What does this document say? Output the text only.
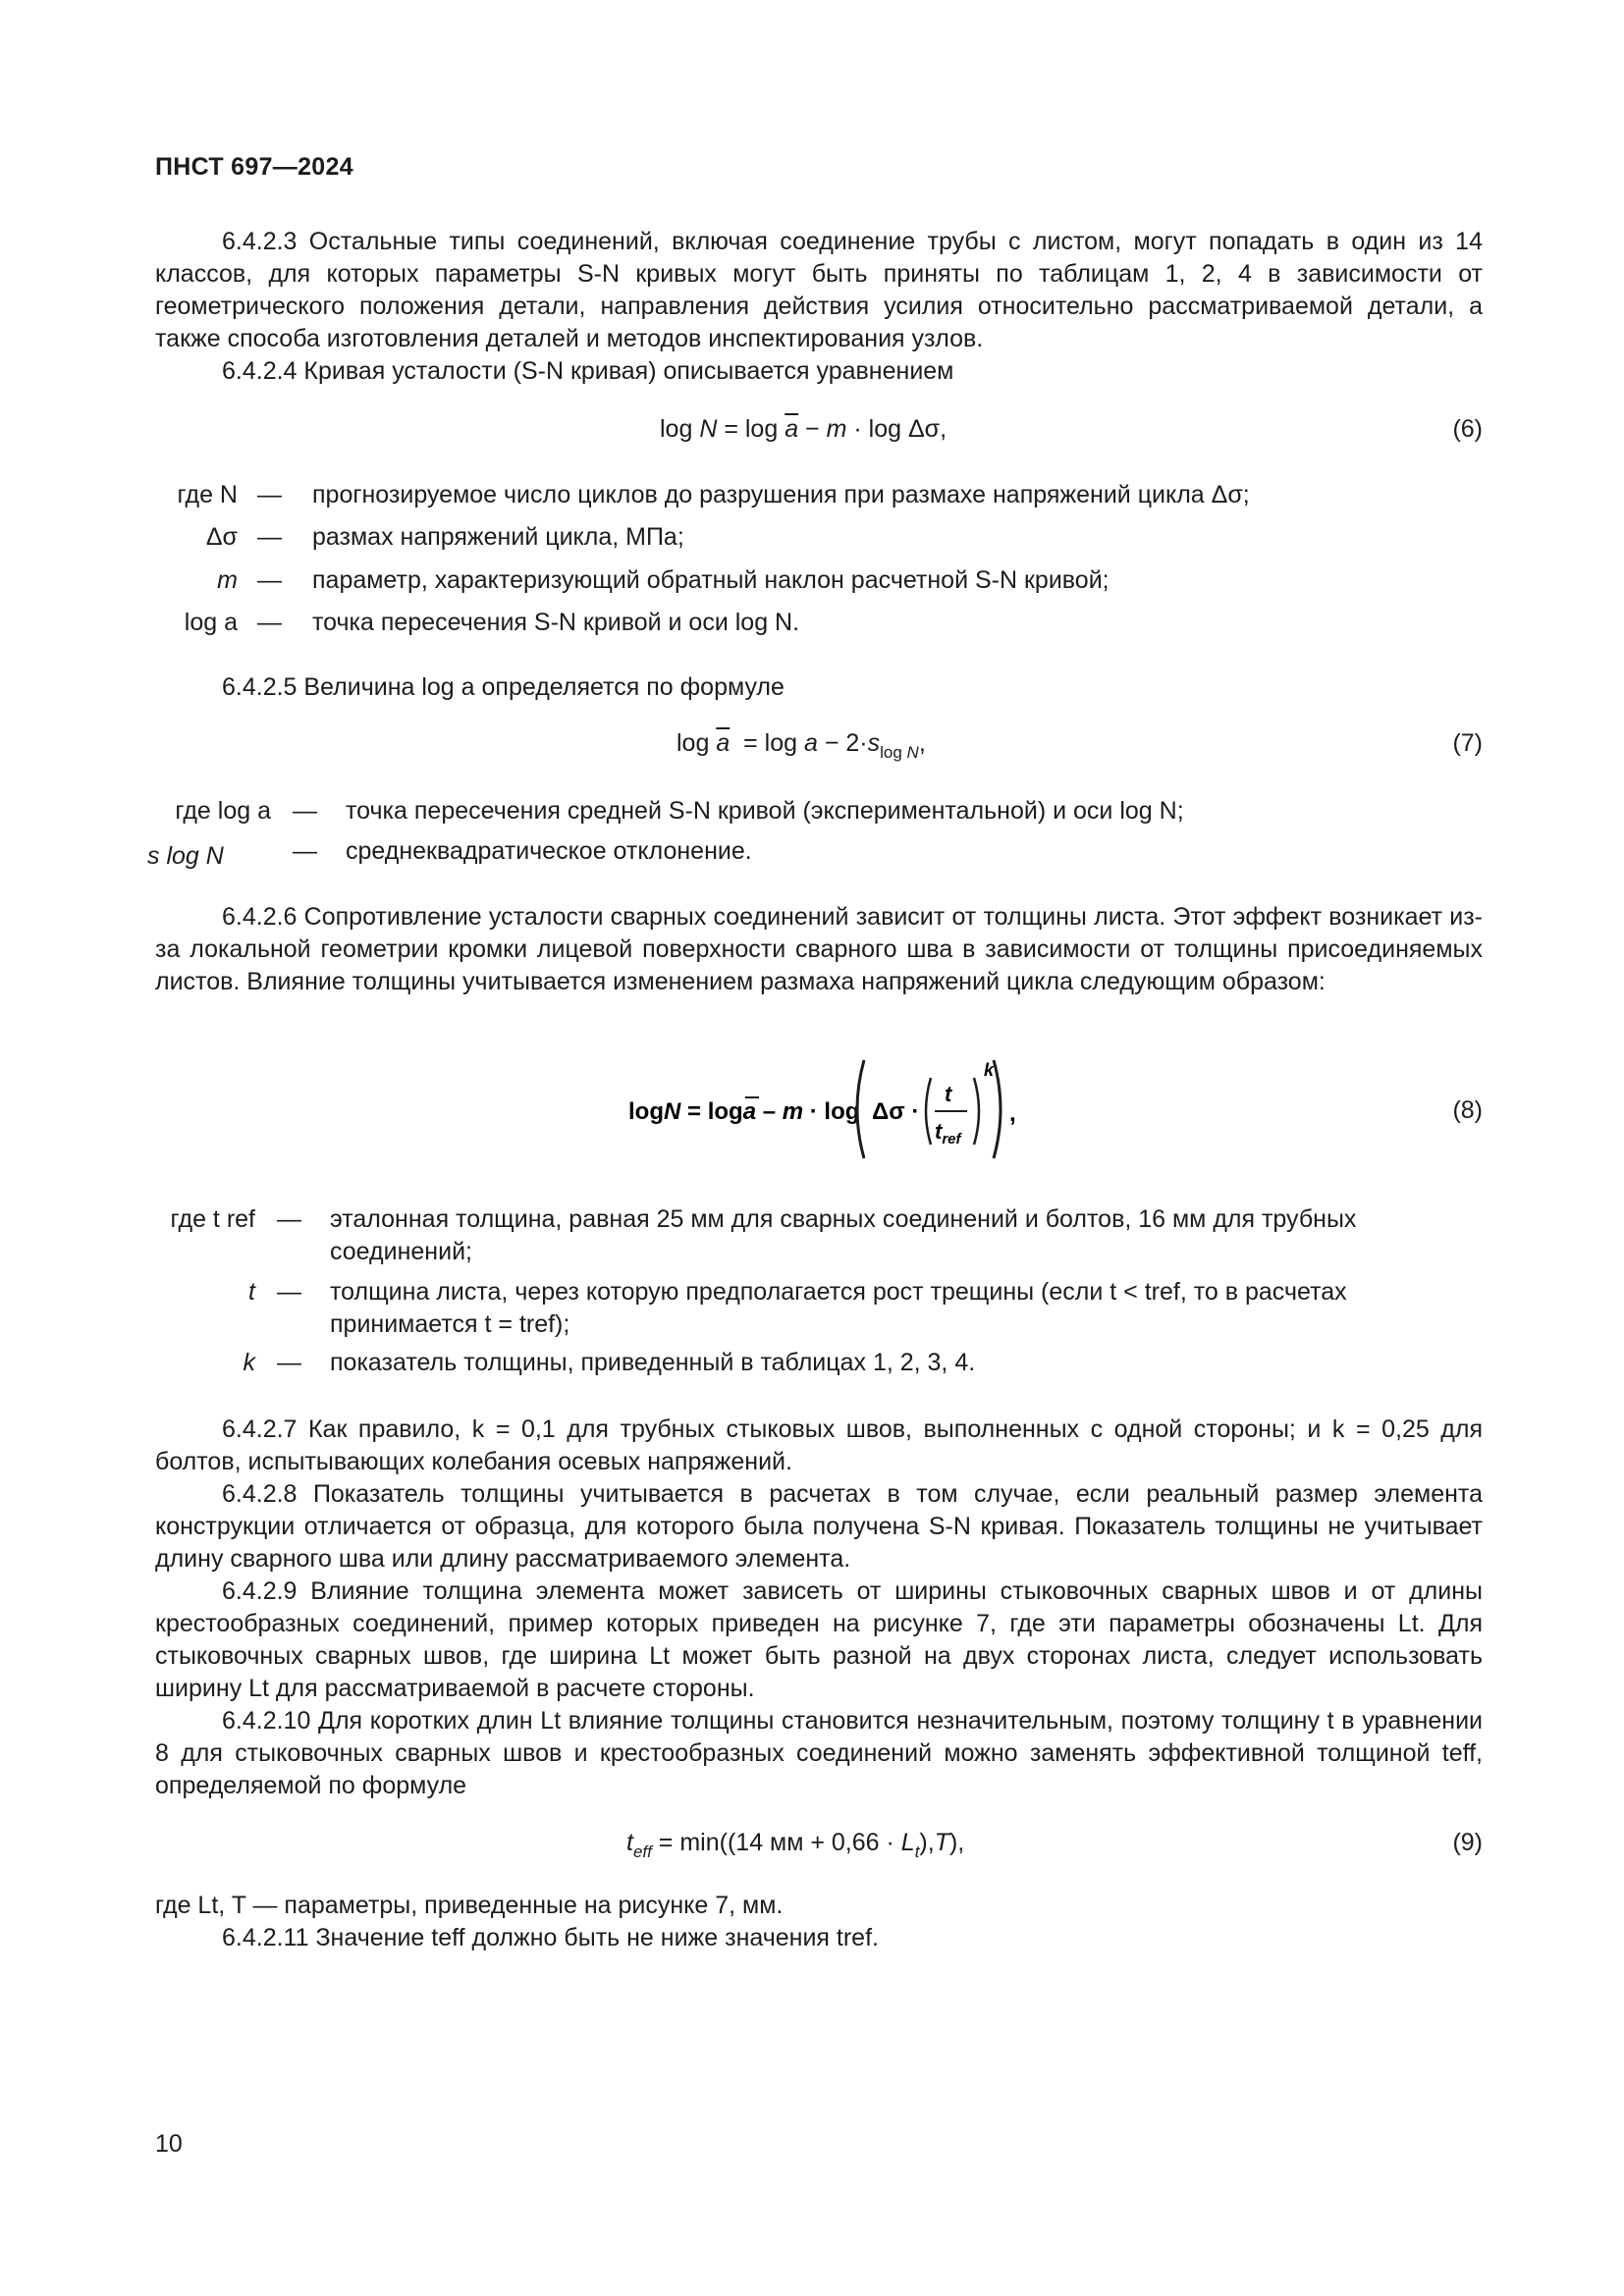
ПНСТ 697—2024
6.4.2.3 Остальные типы соединений, включая соединение трубы с листом, могут попадать в один из 14 классов, для которых параметры S-N кривых могут быть приняты по таблицам 1, 2, 4 в зависимости от геометрического положения детали, направления действия усилия относительно рассматриваемой детали, а также способа изготовления деталей и методов инспектирования узлов.
6.4.2.4 Кривая усталости (S-N кривая) описывается уравнением
$\log N = \log \overline{a} - m \cdot \log \Delta\sigma$,	(6)
где N — прогнозируемое число циклов до разрушения при размахе напряжений цикла Δσ;
Δσ — размах напряжений цикла, МПа;
m — параметр, характеризующий обратный наклон расчетной S-N кривой;
log a — точка пересечения S-N кривой и оси log N.
6.4.2.5 Величина log a определяется по формуле
$\log \overline{a} = \log a - 2\cdot s_{log N}$,	(7)
где log a — точка пересечения средней S-N кривой (экспериментальной) и оси log N;
s log N	— среднеквадратическое отклонение.
6.4.2.6 Сопротивление усталости сварных соединений зависит от толщины листа. Этот эффект возникает из-за локальной геометрии кромки лицевой поверхности сварного шва в зависимости от толщины присоединяемых листов. Влияние толщины учитывается изменением размаха напряжений цикла следующим образом:
logN = loga – m · log Δσ ·
t
$t_{ref}$
k
,	(8)
где t ref — эталонная толщина, равная 25 мм для сварных соединений и болтов, 16 мм для трубных соединений;
t — толщина листа, через которую предполагается рост трещины (если t < tref, то в расчетах принимается t = tref);
k — показатель толщины, приведенный в таблицах 1, 2, 3, 4.
6.4.2.7 Как правило, k = 0,1 для трубных стыковых швов, выполненных с одной стороны; и k = 0,25 для болтов, испытывающих колебания осевых напряжений.
6.4.2.8 Показатель толщины учитывается в расчетах в том случае, если реальный размер элемента конструкции отличается от образца, для которого была получена S-N кривая. Показатель толщины не учитывает длину сварного шва или длину рассматриваемого элемента.
6.4.2.9 Влияние толщина элемента может зависеть от ширины стыковочных сварных швов и от длины крестообразных соединений, пример которых приведен на рисунке 7, где эти параметры обозначены Lt. Для стыковочных сварных швов, где ширина Lt может быть разной на двух сторонах листа, следует использовать ширину Lt для рассматриваемой в расчете стороны.
6.4.2.10 Для коротких длин Lt влияние толщины становится незначительным, поэтому толщину t в уравнении 8 для стыковочных сварных швов и крестообразных соединений можно заменять эффективной толщиной teff, определяемой по формуле
$t_{eff} = \min((14$ мм + $0,66 \cdot L_t),T$),	(9)
где Lt, T — параметры, приведенные на рисунке 7, мм.
6.4.2.11 Значение teff должно быть не ниже значения tref.
10
